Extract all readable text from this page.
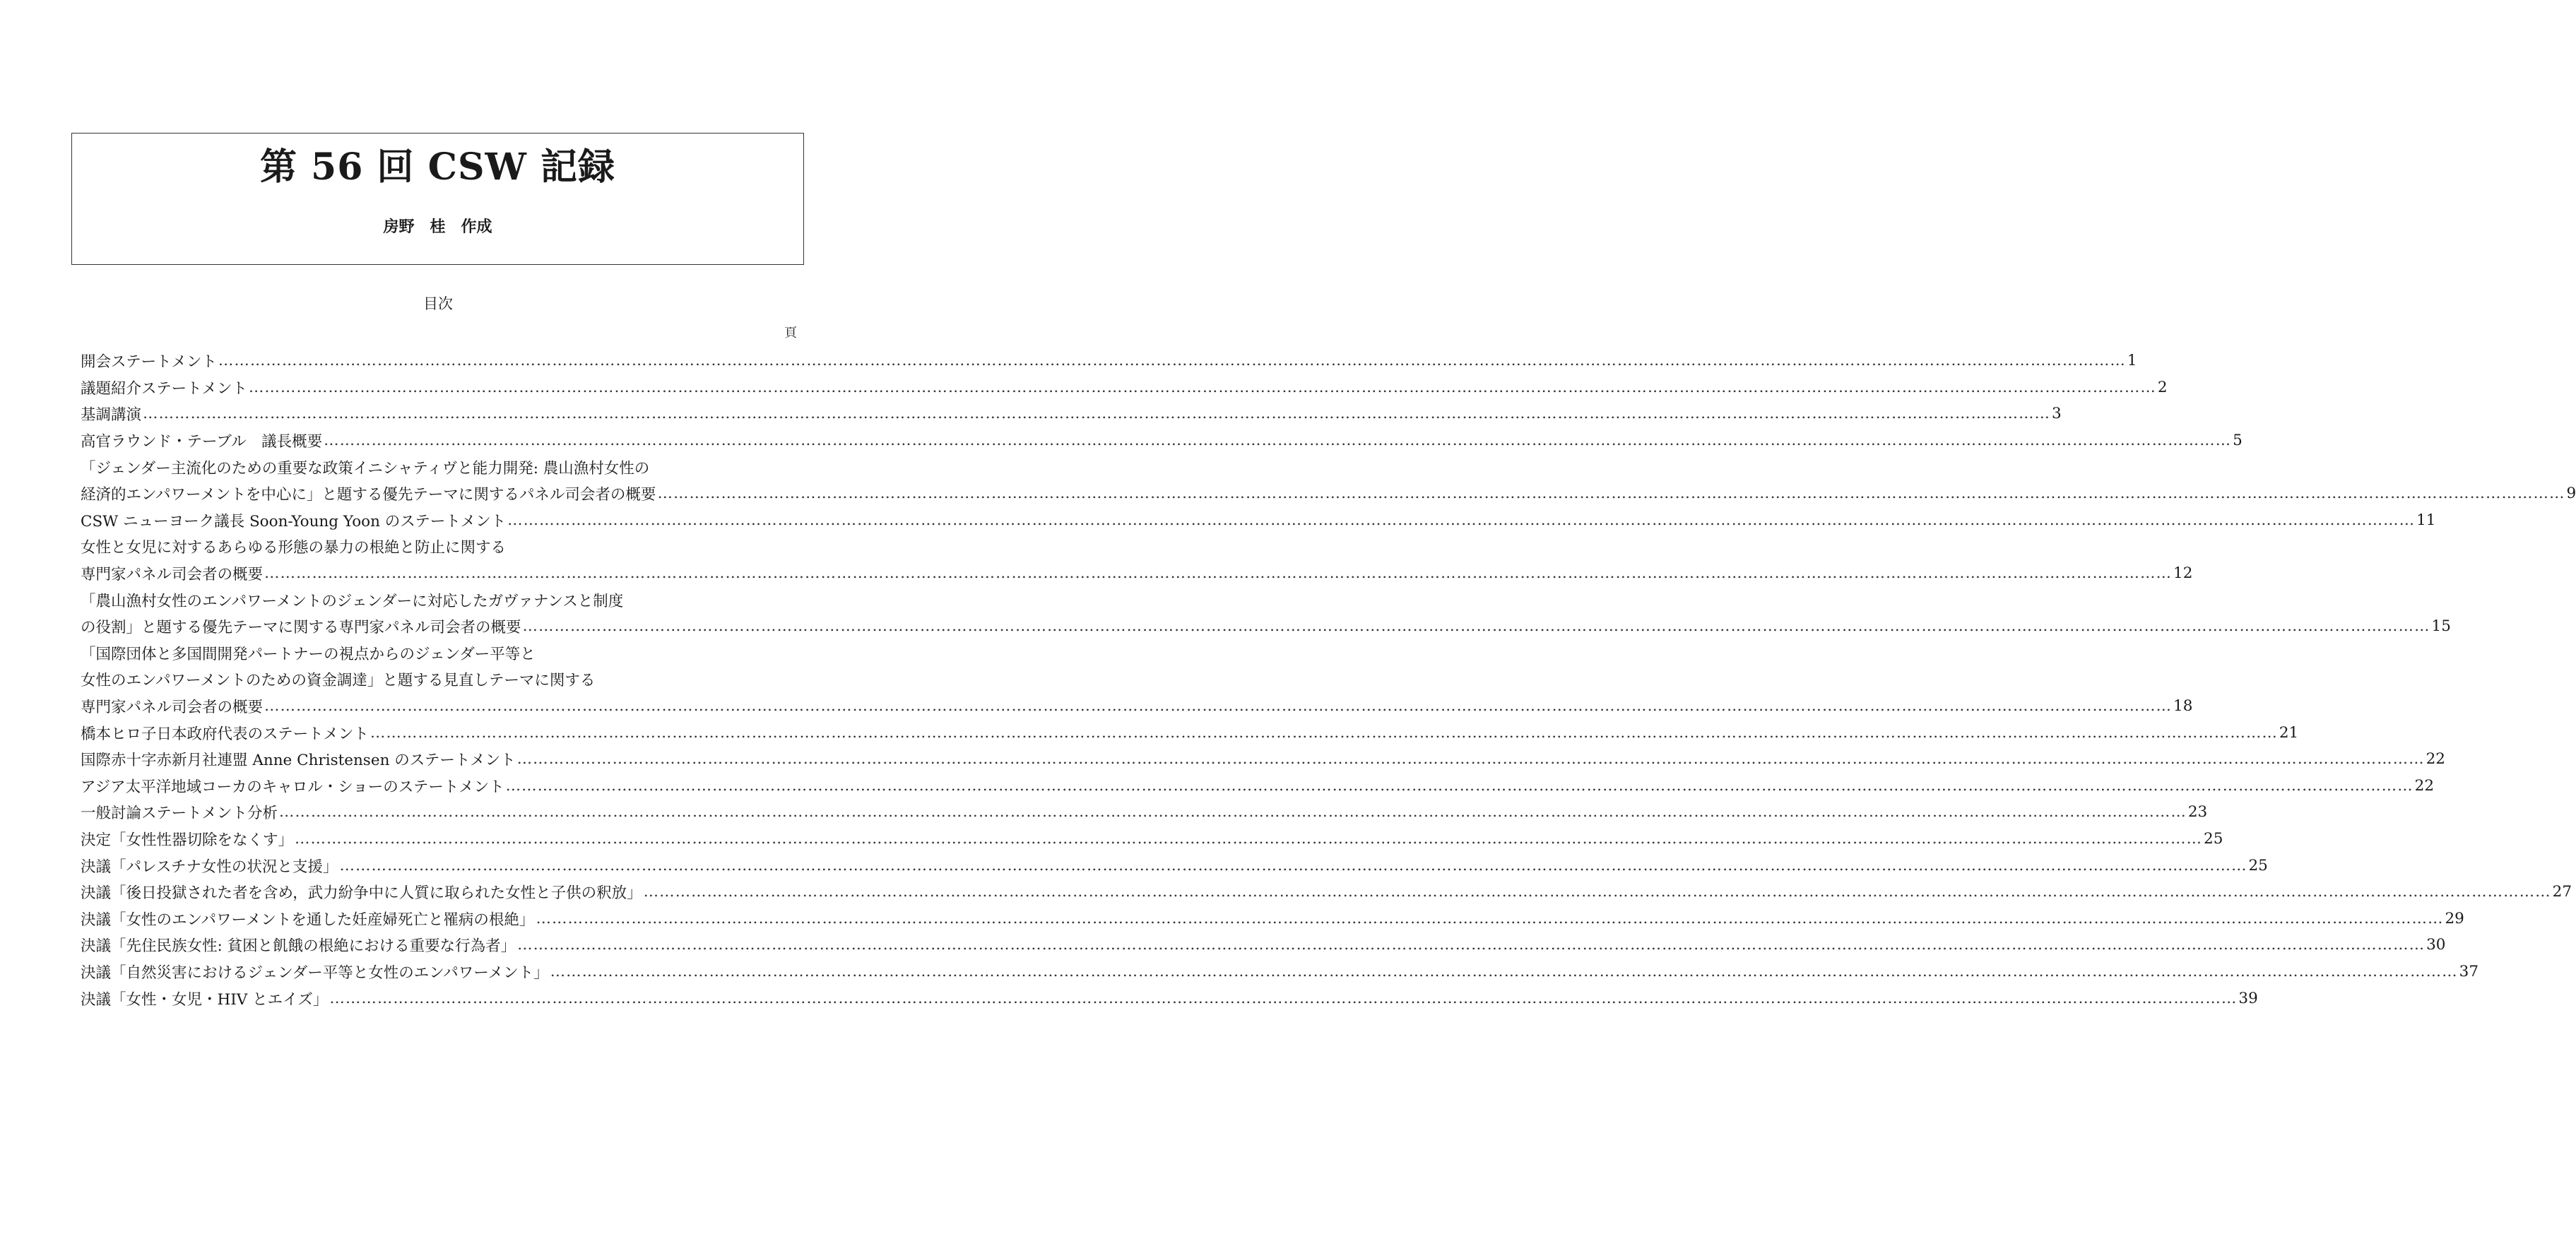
第 56 回 CSW 記録
房野　桂　作成
目次
頁
開会ステートメント ……………………………………………………………………………………………………………………………………………………………………………………………………………………………………………………………………………………………………………………………… 1
議題紹介ステートメント ……………………………………………………………………………………………………………………………………………………………………………………………………………………………………………………………………………………………………………………………… 2
基調講演 ……………………………………………………………………………………………………………………………………………………………………………………………………………………………………………………………………………………………………………………………… 3
高官ラウンド・テーブル　議長概要 ……………………………………………………………………………………………………………………………………………………………………………………………………………………………………………………………………………………………………………………………… 5
「ジェンダー主流化のための重要な政策イニシャティヴと能力開発: 農山漁村女性の
経済的エンパワーメントを中心に」と題する優先テーマに関するパネル司会者の概要 ……………………………………………………………………………………………………………………………………………………………………………………………………………………………………………………………………………………………………………………………… 9
CSW ニューヨーク議長 Soon-Young Yoon のステートメント ……………………………………………………………………………………………………………………………………………………………………………………………………………………………………………………………………………………………………………………………… 11
女性と女児に対するあらゆる形態の暴力の根絶と防止に関する
専門家パネル司会者の概要 ……………………………………………………………………………………………………………………………………………………………………………………………………………………………………………………………………………………………………………………………… 12
「農山漁村女性のエンパワーメントのジェンダーに対応したガヴァナンスと制度
の役割」と題する優先テーマに関する専門家パネル司会者の概要 ……………………………………………………………………………………………………………………………………………………………………………………………………………………………………………………………………………………………………………………………… 15
「国際団体と多国間開発パートナーの視点からのジェンダー平等と
女性のエンパワーメントのための資金調達」と題する見直しテーマに関する
専門家パネル司会者の概要 ……………………………………………………………………………………………………………………………………………………………………………………………………………………………………………………………………………………………………………………………… 18
橋本ヒロ子日本政府代表のステートメント ……………………………………………………………………………………………………………………………………………………………………………………………………………………………………………………………………………………………………………………………… 21
国際赤十字赤新月社連盟 Anne Christensen のステートメント ……………………………………………………………………………………………………………………………………………………………………………………………………………………………………………………………………………………………………………………………… 22
アジア太平洋地域コーカのキャロル・ショーのステートメント ……………………………………………………………………………………………………………………………………………………………………………………………………………………………………………………………………………………………………………………………… 22
一般討論ステートメント分析 ……………………………………………………………………………………………………………………………………………………………………………………………………………………………………………………………………………………………………………………………… 23
決定「女性性器切除をなくす」 ……………………………………………………………………………………………………………………………………………………………………………………………………………………………………………………………………………………………………………………………… 25
決議「パレスチナ女性の状況と支援」 ……………………………………………………………………………………………………………………………………………………………………………………………………………………………………………………………………………………………………………………………… 25
決議「後日投獄された者を含め，武力紛争中に人質に取られた女性と子供の釈放」 ……………………………………………………………………………………………………………………………………………………………………………………………………………………………………………………………………………………………………………………………… 27
決議「女性のエンパワーメントを通した妊産婦死亡と罹病の根絶」 ……………………………………………………………………………………………………………………………………………………………………………………………………………………………………………………………………………………………………………………………… 29
決議「先住民族女性: 貧困と飢餓の根絶における重要な行為者」 ……………………………………………………………………………………………………………………………………………………………………………………………………………………………………………………………………………………………………………………………… 30
決議「自然災害におけるジェンダー平等と女性のエンパワーメント」 ……………………………………………………………………………………………………………………………………………………………………………………………………………………………………………………………………………………………………………………………… 37
決議「女性・女児・HIV とエイズ」 ……………………………………………………………………………………………………………………………………………………………………………………………………………………………………………………………………………………………………………………………… 39
